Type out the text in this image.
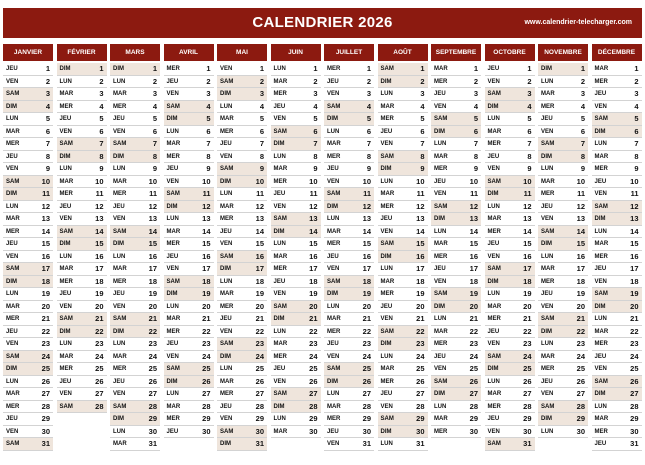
CALENDRIER 2026	www.calendrier-telecharger.com
JANVIER
JEU	1
VEN	2
SAM	3
DIM	4
LUN	5
MAR	6
MER	7
JEU	8
VEN	9
SAM	10
DIM	11
LUN	12
MAR	13
MER	14
JEU	15
VEN	16
SAM	17
DIM	18
LUN	19
MAR	20
MER	21
JEU	22
VEN	23
SAM	24
DIM	25
LUN	26
MAR	27
MER	28
JEU	29
VEN	30
SAM	31
FÉVRIER
DIM	1
LUN	2
MAR	3
MER	4
JEU	5
VEN	6
SAM	7
DIM	8
LUN	9
MAR	10
MER	11
JEU	12
VEN	13
SAM	14
DIM	15
LUN	16
MAR	17
MER	18
JEU	19
VEN	20
SAM	21
DIM	22
LUN	23
MAR	24
MER	25
JEU	26
VEN	27
SAM	28
MARS
DIM	1
LUN	2
MAR	3
MER	4
JEU	5
VEN	6
SAM	7
DIM	8
LUN	9
MAR	10
MER	11
JEU	12
VEN	13
SAM	14
DIM	15
LUN	16
MAR	17
MER	18
JEU	19
VEN	20
SAM	21
DIM	22
LUN	23
MAR	24
MER	25
JEU	26
VEN	27
SAM	28
DIM	29
LUN	30
MAR	31
AVRIL
MER	1
JEU	2
VEN	3
SAM	4
DIM	5
LUN	6
MAR	7
MER	8
JEU	9
VEN	10
SAM	11
DIM	12
LUN	13
MAR	14
MER	15
JEU	16
VEN	17
SAM	18
DIM	19
LUN	20
MAR	21
MER	22
JEU	23
VEN	24
SAM	25
DIM	26
LUN	27
MAR	28
MER	29
JEU	30
MAI
VEN	1
SAM	2
DIM	3
LUN	4
MAR	5
MER	6
JEU	7
VEN	8
SAM	9
DIM	10
LUN	11
MAR	12
MER	13
JEU	14
VEN	15
SAM	16
DIM	17
LUN	18
MAR	19
MER	20
JEU	21
VEN	22
SAM	23
DIM	24
LUN	25
MAR	26
MER	27
JEU	28
VEN	29
SAM	30
DIM	31
JUIN
LUN	1
MAR	2
MER	3
JEU	4
VEN	5
SAM	6
DIM	7
LUN	8
MAR	9
MER	10
JEU	11
VEN	12
SAM	13
DIM	14
LUN	15
MAR	16
MER	17
JEU	18
VEN	19
SAM	20
DIM	21
LUN	22
MAR	23
MER	24
JEU	25
VEN	26
SAM	27
DIM	28
LUN	29
MAR	30
JUILLET
MER	1
JEU	2
VEN	3
SAM	4
DIM	5
LUN	6
MAR	7
MER	8
JEU	9
VEN	10
SAM	11
DIM	12
LUN	13
MAR	14
MER	15
JEU	16
VEN	17
SAM	18
DIM	19
LUN	20
MAR	21
MER	22
JEU	23
VEN	24
SAM	25
DIM	26
LUN	27
MAR	28
MER	29
JEU	30
VEN	31
AOÛT
SAM	1
DIM	2
LUN	3
MAR	4
MER	5
JEU	6
VEN	7
SAM	8
DIM	9
LUN	10
MAR	11
MER	12
JEU	13
VEN	14
SAM	15
DIM	16
LUN	17
MAR	18
MER	19
JEU	20
VEN	21
SAM	22
DIM	23
LUN	24
MAR	25
MER	26
JEU	27
VEN	28
SAM	29
DIM	30
LUN	31
SEPTEMBRE
MAR	1
MER	2
JEU	3
VEN	4
SAM	5
DIM	6
LUN	7
MAR	8
MER	9
JEU	10
VEN	11
SAM	12
DIM	13
LUN	14
MAR	15
MER	16
JEU	17
VEN	18
SAM	19
DIM	20
LUN	21
MAR	22
MER	23
JEU	24
VEN	25
SAM	26
DIM	27
LUN	28
MAR	29
MER	30
OCTOBRE
JEU	1
VEN	2
SAM	3
DIM	4
LUN	5
MAR	6
MER	7
JEU	8
VEN	9
SAM	10
DIM	11
LUN	12
MAR	13
MER	14
JEU	15
VEN	16
SAM	17
DIM	18
LUN	19
MAR	20
MER	21
JEU	22
VEN	23
SAM	24
DIM	25
LUN	26
MAR	27
MER	28
JEU	29
VEN	30
SAM	31
NOVEMBRE
DIM	1
LUN	2
MAR	3
MER	4
JEU	5
VEN	6
SAM	7
DIM	8
LUN	9
MAR	10
MER	11
JEU	12
VEN	13
SAM	14
DIM	15
LUN	16
MAR	17
MER	18
JEU	19
VEN	20
SAM	21
DIM	22
LUN	23
MAR	24
MER	25
JEU	26
VEN	27
SAM	28
DIM	29
LUN	30
DÉCEMBRE
MAR	1
MER	2
JEU	3
VEN	4
SAM	5
DIM	6
LUN	7
MAR	8
MER	9
JEU	10
VEN	11
SAM	12
DIM	13
LUN	14
MAR	15
MER	16
JEU	17
VEN	18
SAM	19
DIM	20
LUN	21
MAR	22
MER	23
JEU	24
VEN	25
SAM	26
DIM	27
LUN	28
MAR	29
MER	30
JEU	31
